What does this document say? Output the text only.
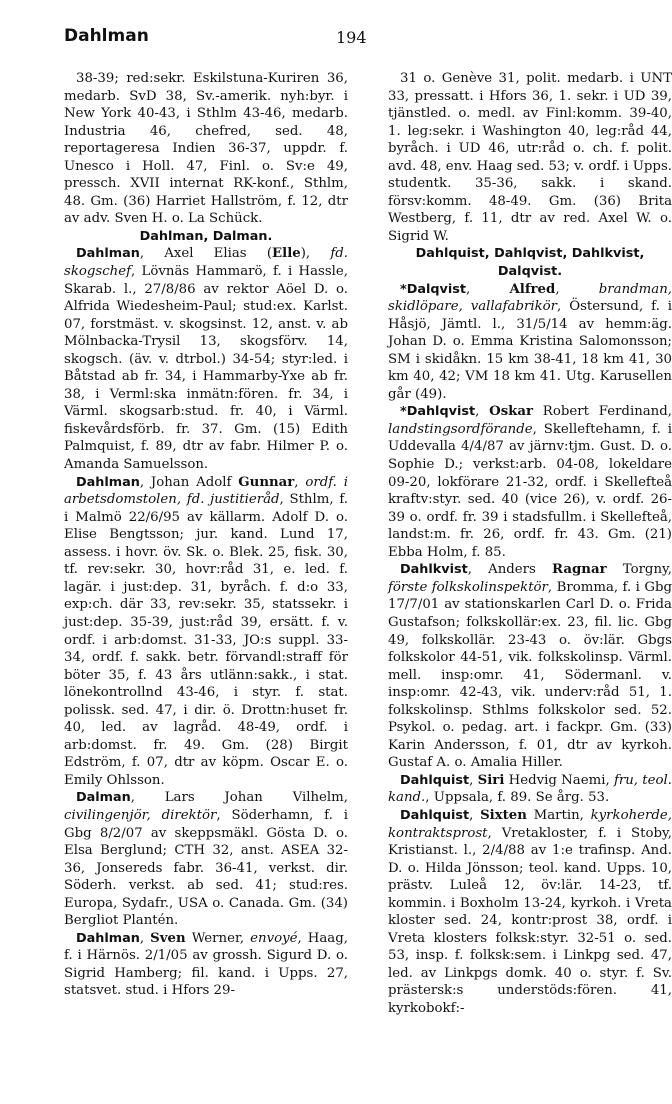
Dahlman	194

38-39; red:sekr. Eskilstuna-Kuriren 36, medarb. SvD 38, Sv.-amerik. nyh:byr. i New York 40-43, i Sthlm 43-46, medarb. Industria 46, chefred, sed. 48, reportageresa Indien 36-37, uppdr. f. Unesco i Holl. 47, Finl. o. Sv:e 49, pressch. XVII internat RK-konf., Sthlm, 48. Gm. (36) Harriet Hallström, f. 12, dtr av adv. Sven H. o. La Schück.

Dahlman, Dalman.

Dahlman, Axel Elias (Elle), fd. skogschef, Lövnäs Hammarö, f. i Hassle, Skarab. l., 27/8/86 av rektor Aöel D. o. Alfrida Wiedesheim-Paul; stud:ex. Karlst. 07, forstmäst. v. skogsinst. 12, anst. v. ab Mölnbacka-Trysil 13, skogsförv. 14, skogsch. (äv. v. dtrbol.) 34-54; styr:led. i Båtstad ab fr. 34, i Hammarby-Yxe ab fr. 38, i Verml:ska inmätn:fören. fr. 34, i Värml. skogsarb:stud. fr. 40, i Värml. fiskevårdsförb. fr. 37. Gm. (15) Edith Palmquist, f. 89, dtr av fabr. Hilmer P. o. Amanda Samuelsson.

Dahlman, Johan Adolf Gunnar, ordf. i arbetsdomstolen, fd. justitieråd, Sthlm, f. i Malmö 22/6/95 av källarm. Adolf D. o. Elise Bengtsson; jur. kand. Lund 17, assess. i hovr. öv. Sk. o. Blek. 25, fisk. 30, tf. rev:sekr. 30, hovr:råd 31, e. led. f. lagär. i just:dep. 31, byråch. f. d:o 33, exp:ch. där 33, rev:sekr. 35, statssekr. i just:dep. 35-39, just:råd 39, ersätt. f. v. ordf. i arb:domst. 31-33, JO:s suppl. 33-34, ordf. f. sakk. betr. förvandl:straff för böter 35, f. 43 års utlänn:sakk., i stat. lönekontrollnd 43-46, i styr. f. stat. polissk. sed. 47, i dir. ö. Drottn:huset fr. 40, led. av lagråd. 48-49, ordf. i arb:domst. fr. 49. Gm. (28) Birgit Edström, f. 07, dtr av köpm. Oscar E. o. Emily Ohlsson.

Dalman, Lars Johan Vilhelm, civilingenjör, direktör, Söderhamn, f. i Gbg 8/2/07 av skeppsmäkl. Gösta D. o. Elsa Berglund; CTH 32, anst. ASEA 32-36, Jonsereds fabr. 36-41, verkst. dir. Söderh. verkst. ab sed. 41; stud:res. Europa, Sydafr., USA o. Canada. Gm. (34) Bergliot Plantén.

Dahlman, Sven Werner, envoyé, Haag, f. i Härnös. 2/1/05 av grossh. Sigurd D. o. Sigrid Hamberg; fil. kand. i Upps. 27, statsvet. stud. i Hfors 29-

31 o. Genève 31, polit. medarb. i UNT 33, pressatt. i Hfors 36, 1. sekr. i UD 39, tjänstled. o. medl. av Finl:komm. 39-40, 1. leg:sekr. i Washington 40, leg:råd 44, byråch. i UD 46, utr:råd o. ch. f. polit. avd. 48, env. Haag sed. 53; v. ordf. i Upps. studentk. 35-36, sakk. i skand. försv:komm. 48-49. Gm. (36) Brita Westberg, f. 11, dtr av red. Axel W. o. Sigrid W.

Dahlquist, Dahlqvist, Dahlkvist, Dalqvist.

*Dalqvist, Alfred, brandman, skidlöpare, vallafabrikör, Östersund, f. i Håsjö, Jämtl. l., 31/5/14 av hemm:äg. Johan D. o. Emma Kristina Salomonsson; SM i skidåkn. 15 km 38-41, 18 km 41, 30 km 40, 42; VM 18 km 41. Utg. Karusellen går (49).

*Dahlqvist, Oskar Robert Ferdinand, landstingsordförande, Skelleftehamn, f. i Uddevalla 4/4/87 av järnv:tjm. Gust. D. o. Sophie D.; verkst:arb. 04-08, lokeldare 09-20, lokförare 21-32, ordf. i Skellefteå kraftv:styr. sed. 40 (vice 26), v. ordf. 26-39 o. ordf. fr. 39 i stadsfullm. i Skellefteå, landst:m. fr. 26, ordf. fr. 43. Gm. (21) Ebba Holm, f. 85.

Dahlkvist, Anders Ragnar Torgny, förste folkskolinspektör, Bromma, f. i Gbg 17/7/01 av stationskarlen Carl D. o. Frida Gustafson; folkskollär:ex. 23, fil. lic. Gbg 49, folkskollär. 23-43 o. öv:lär. Gbgs folkskolor 44-51, vik. folkskolinsp. Värml. mell. insp:omr. 41, Södermanl. v. insp:omr. 42-43, vik. underv:råd 51, 1. folkskolinsp. Sthlms folkskolor sed. 52. Psykol. o. pedag. art. i fackpr. Gm. (33) Karin Andersson, f. 01, dtr av kyrkoh. Gustaf A. o. Amalia Hiller.

Dahlquist, Siri Hedvig Naemi, fru, teol. kand., Uppsala, f. 89. Se årg. 53.

Dahlquist, Sixten Martin, kyrkoherde, kontraktsprost, Vretakloster, f. i Stoby, Kristianst. l., 2/4/88 av 1:e trafinsp. And. D. o. Hilda Jönsson; teol. kand. Upps. 10, prästv. Luleå 12, öv:lär. 14-23, tf. kommin. i Boxholm 13-24, kyrkoh. i Vreta kloster sed. 24, kontr:prost 38, ordf. i Vreta klosters folksk:styr. 32-51 o. sed. 53, insp. f. folksk:sem. i Linkpg sed. 47, led. av Linkpgs domk. 40 o. styr. f. Sv. prästersk:s understöds:fören. 41, kyrkobokf:-
